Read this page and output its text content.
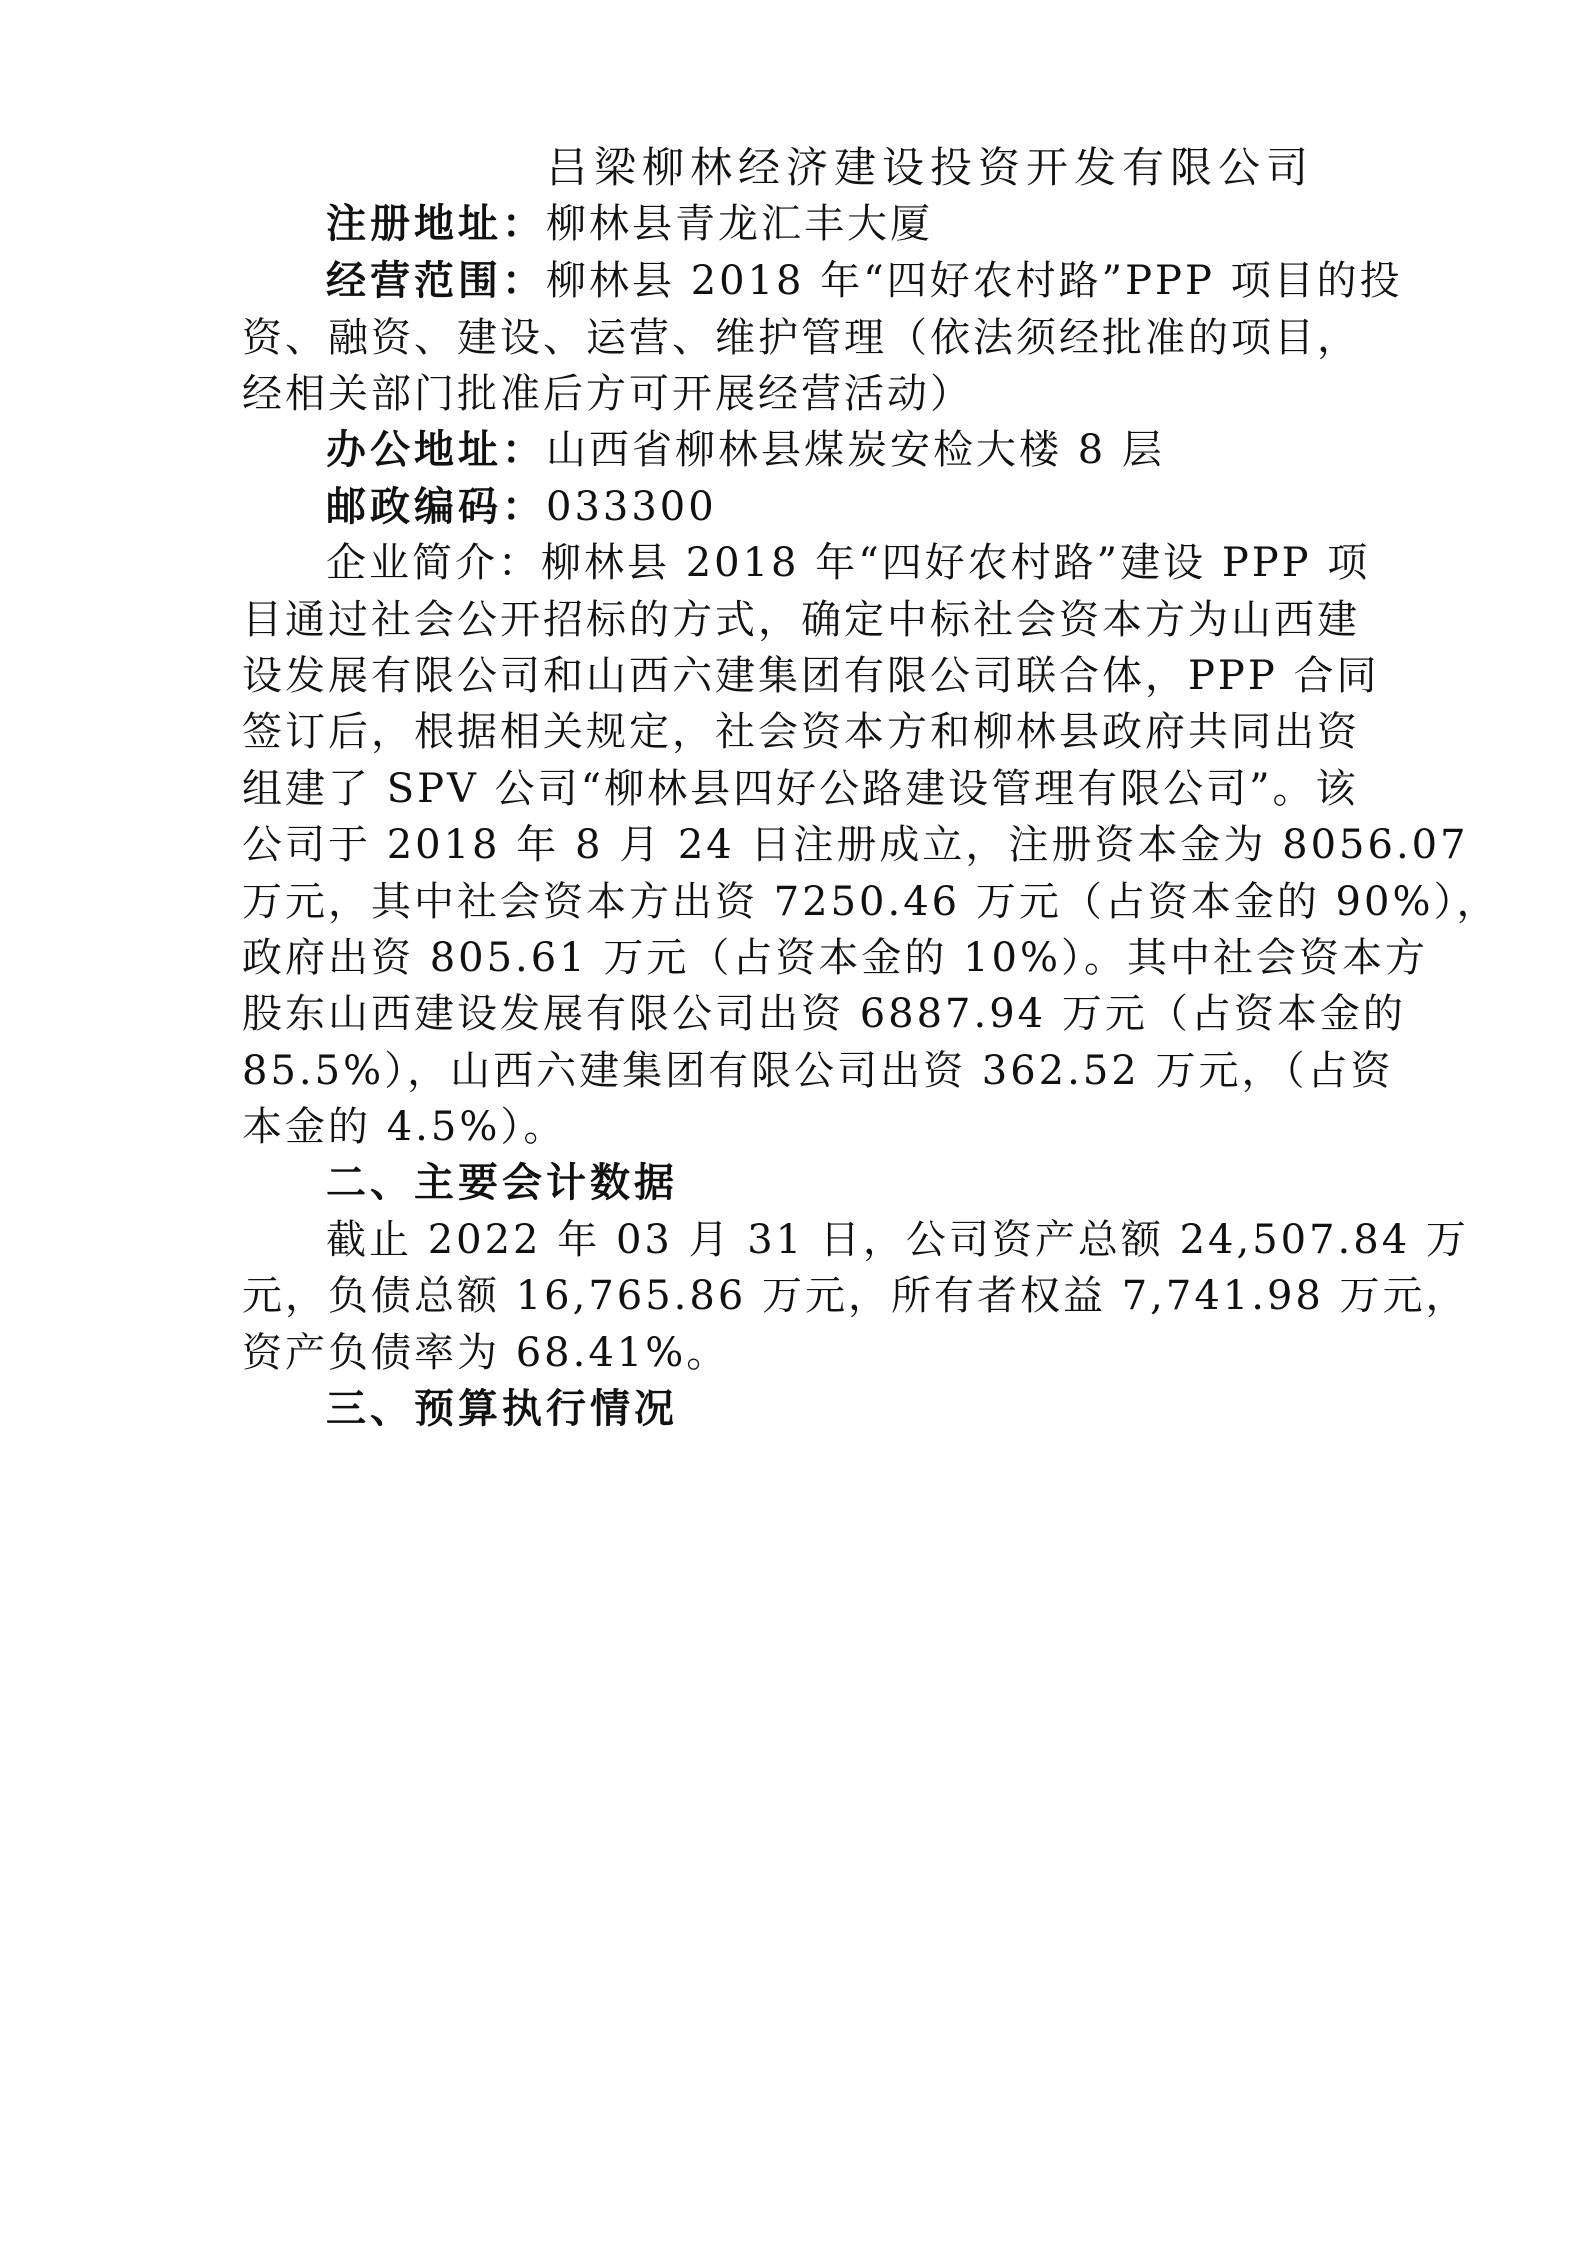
吕梁柳林经济建设投资开发有限公司
注册地址：柳林县青龙汇丰大厦
经营范围：柳林县 2018 年“四好农村路”PPP 项目的投
资、融资、建设、运营、维护管理（依法须经批准的项目，
经相关部门批准后方可开展经营活动）
办公地址：山西省柳林县煤炭安检大楼 8 层
邮政编码：033300
企业简介：柳林县 2018 年“四好农村路”建设 PPP 项
目通过社会公开招标的方式，确定中标社会资本方为山西建
设发展有限公司和山西六建集团有限公司联合体，PPP 合同
签订后，根据相关规定，社会资本方和柳林县政府共同出资
组建了 SPV 公司“柳林县四好公路建设管理有限公司”。该
公司于 2018 年 8 月 24 日注册成立，注册资本金为 8056.07
万元，其中社会资本方出资 7250.46 万元（占资本金的 90%），
政府出资 805.61 万元（占资本金的 10%）。其中社会资本方
股东山西建设发展有限公司出资 6887.94 万元（占资本金的
85.5%），山西六建集团有限公司出资 362.52 万元，（占资
本金的 4.5%）。
二、主要会计数据
截止 2022 年 03 月 31 日，公司资产总额 24,507.84 万
元，负债总额 16,765.86 万元，所有者权益 7,741.98 万元，
资产负债率为 68.41%。
三、预算执行情况
